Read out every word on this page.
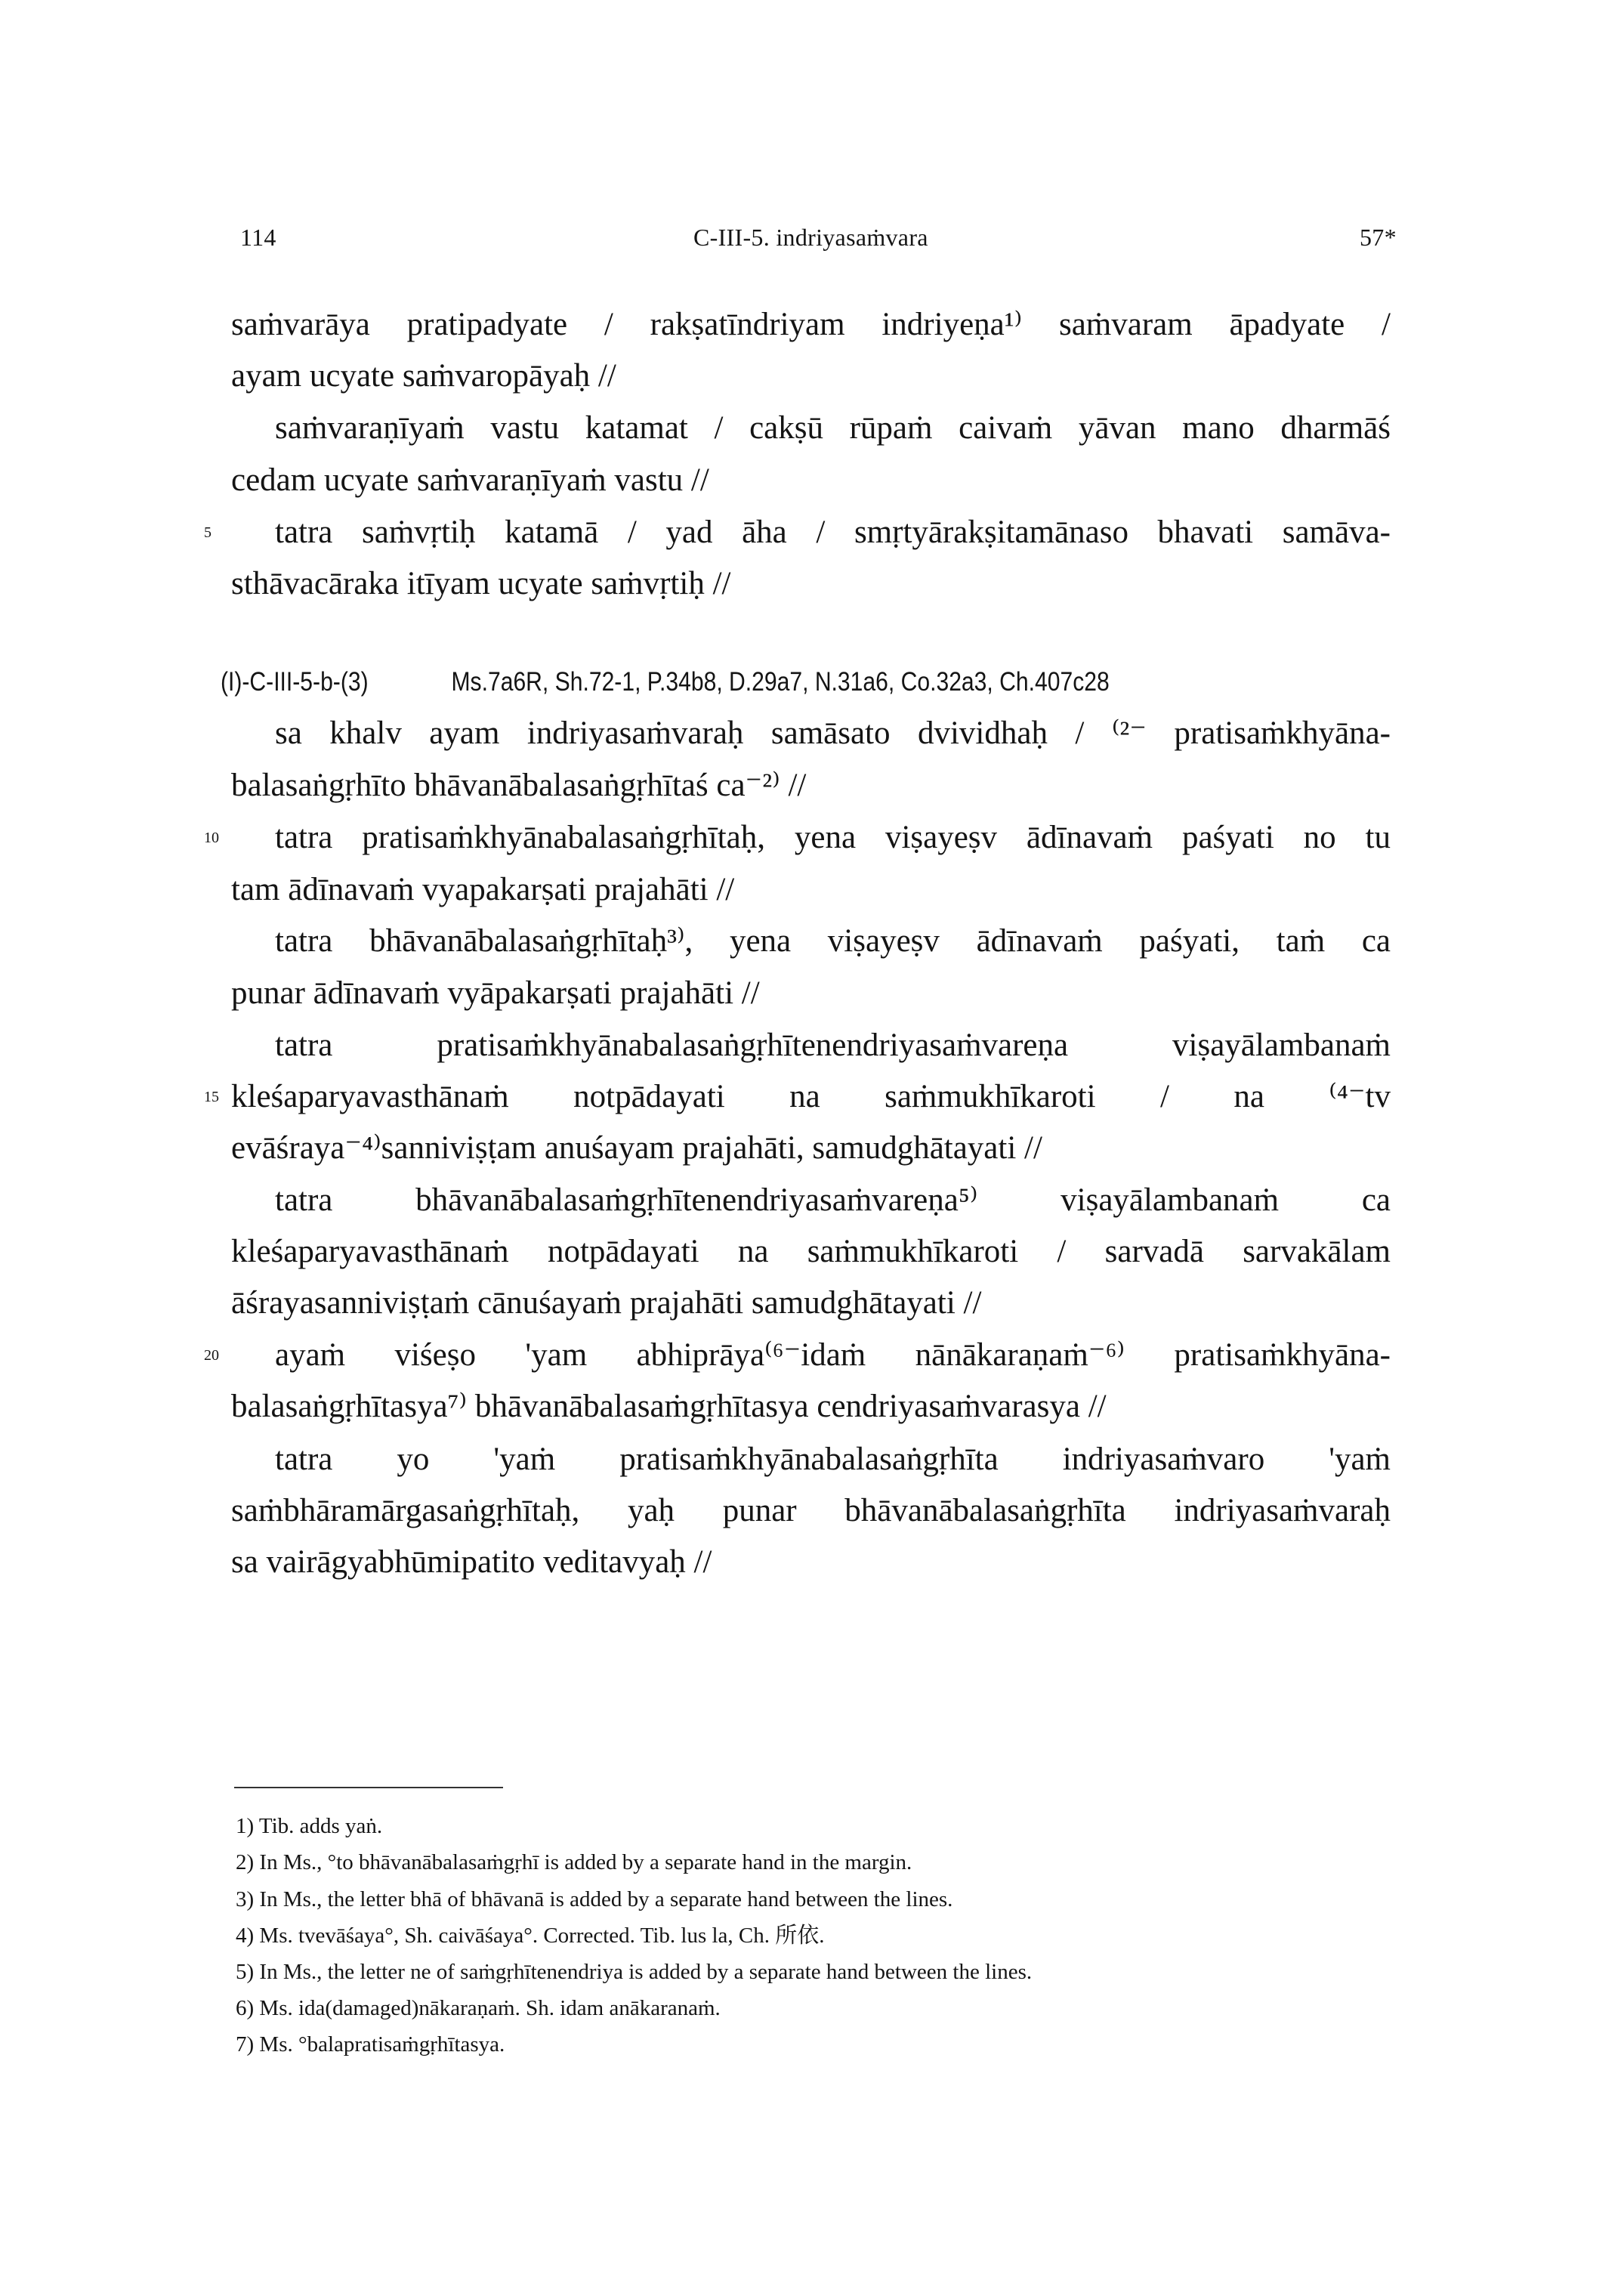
114	C-III-5. indriyasaṁvara	57*
saṁvarāya pratipadyate / rakṣatīndriyam indriyeṇa¹⁾ saṁvaram āpadyate /
ayam ucyate saṁvaropāyaḥ //
saṁvaraṇīyaṁ vastu katamat / cakṣū rūpaṁ caivaṁ yāvan mano dharmāś
cedam ucyate saṁvaraṇīyaṁ vastu //
5 tatra saṁvṛtiḥ katamā / yad āha / smṛtyārakṣitamānaso bhavati samāva-
sthāvacāraka itīyam ucyate saṁvṛtiḥ //
(I)-C-III-5-b-(3)	Ms.7a6R, Sh.72-1, P.34b8, D.29a7, N.31a6, Co.32a3, Ch.407c28
sa khalv ayam indriyasaṁvaraḥ samāsato dvividhaḥ / ⁽²⁻ pratisaṁkhyāna-
balasaṅgṛhīto bhāvanābalasaṅgṛhītaś ca⁻²⁾ //
10 tatra pratisaṁkhyānabalasaṅgṛhītaḥ, yena viṣayeṣv ādīnavaṁ paśyati no tu
tam ādīnavaṁ vyapakarṣati prajahāti //
tatra bhāvanābalasaṅgṛhītaḥ³⁾, yena viṣayeṣv ādīnavaṁ paśyati, taṁ ca
punar ādīnavaṁ vyāpakarṣati prajahāti //
tatra pratisaṁkhyānabalasaṅgṛhītenendriyasaṁvareṇa viṣayālambanaṁ
15 kleśaparyavasthānaṁ notpādayati na saṁmukhīkaroti / na ⁽⁴⁻tv
evāśraya⁻⁴⁾sanniviṣṭam anuśayam prajahāti, samudghātayati //
tatra bhāvanābalasaṁgṛhītenendriyasaṁvareṇa⁵⁾ viṣayālambanaṁ ca
kleśaparyavasthānaṁ notpādayati na saṁmukhīkaroti / sarvadā sarvakālam
āśrayasanniviṣṭaṁ cānuśayaṁ prajahāti samudghātayati //
20 ayaṁ viśeṣo 'yam abhiprāya⁽⁶⁻idaṁ nānākaraṇaṁ⁻⁶⁾ pratisaṁkhyāna-
balasaṅgṛhītasya⁷⁾ bhāvanābalasaṁgṛhītasya cendriyasaṁvarasya //
tatra yo 'yaṁ pratisaṁkhyānabalasaṅgṛhīta indriyasaṁvaro 'yaṁ
saṁbhāramārgasaṅgṛhītaḥ, yaḥ punar bhāvanābalasaṅgṛhīta indriyasaṁvaraḥ
sa vairāgyabhūmipatito veditavyaḥ //
1) Tib. adds yaṅ.
2) In Ms., °to bhāvanābalasaṁgṛhī is added by a separate hand in the margin.
3) In Ms., the letter bhā of bhāvanā is added by a separate hand between the lines.
4) Ms. tvevāśaya°, Sh. caivāśaya°. Corrected. Tib. lus la, Ch. 所依.
5) In Ms., the letter ne of saṁgṛhītenendriya is added by a separate hand between the lines.
6) Ms. ida(damaged)nākaraṇaṁ. Sh. idam anākaranaṁ.
7) Ms. °balapratisaṁgṛhītasya.
